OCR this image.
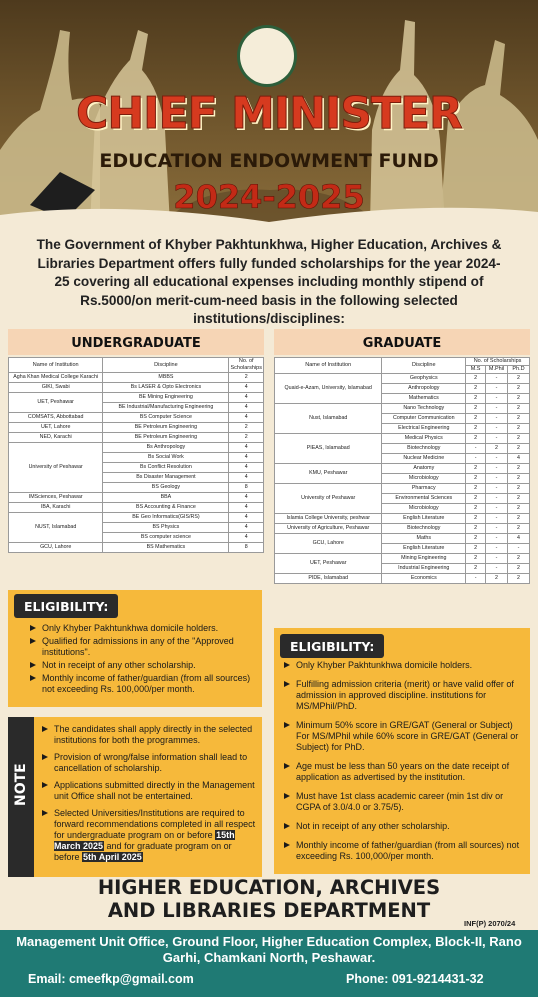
CHIEF MINISTER
EDUCATION ENDOWMENT FUND
2024-2025
The Government of Khyber Pakhtunkhwa, Higher Education, Archives & Libraries Department offers fully funded scholarships for the year 2024-25 covering all educational expenses including monthly stipend of Rs.5000/on merit-cum-need basis in the following selected institutions/disciplines:
UNDERGRADUATE
Name of Institution	Discipline	No. of Scholarships
Agha Khan Medical College Karachi	MBBS	2
GIKI, Swabi	Bs LASER & Opto Electronics	4
UET, Peshawar	BE Mining Engineering	4
	BE Industrial/Manufacturing Engineering	4
COMSATS, Abbottabad	BS Computer Science	4
UET, Lahore	BE Petroleum Engineering	2
NED, Karachi	BE Petroleum Engineering	2
University of Peshawar	Bs Anthropology	4
	Bs Social Work	4
	Bs Conflict Resolution	4
	Bs Disaster Management	4
	BS Geology	8
IMSciences, Peshawar	BBA	4
IBA, Karachi	BS Accounting & Finance	4
NUST, Islamabad	BE Geo Informatics(GIS/RS)	4
	BS Physics	4
	BS computer science	4
GCU, Lahore	BS Mathematics	8
GRADUATE
Name of Institution	Discipline	No. of Scholarships		
		M.S	M.Phil	Ph.D
Quaid-e-Azam, University, Islamabad	Geophysics	2	-	2
	Anthropology	2	-	2
	Mathematics	2	-	2
Nust, Islamabad	Nano Technology	2	-	2
	Computer Communication	2	-	2
	Electrical Engineering	2	-	2
PIEAS, Islamabad	Medical Physics	2	-	2
	Biotechnology	-	2	2
	Nuclear Medicine	-	-	4
KMU, Peshawar	Anatomy	2	-	2
	Microbiology	2	-	2
University of Peshawar	Pharmacy	2	-	2
	Environmental Sciences	2	-	2
	Microbiology	2	-	2
Islamia College University, peshwar	English Literature	2	-	2
University of Agriculture, Peshawar	Biotechnology	2	-	2
GCU, Lahore	Maths	2	-	4
	English Literature	2	-	-
UET, Peshawar	Mining Engineering	2	-	2
	Industrial Engineering	2	-	2
PIDE, Islamabad	Economics	-	2	2
ELIGIBILITY:
Only Khyber Pakhtunkhwa domicile holders.
Qualified for admissions in any of the "Approved institutions".
Not in receipt of any other scholarship.
Monthly income of father/guardian (from all sources) not exceeding Rs. 100,000/per month.
ELIGIBILITY:
Only Khyber Pakhtunkhwa domicile holders.
Fulfilling admission criteria (merit) or have valid offer of admission in approved discipline. institutions for MS/MPhil/PhD.
Minimum 50% score in GRE/GAT (General or Subject) For MS/MPhil while 60% score in GRE/GAT (General or Subject) for PhD.
Age must be less than 50 years on the date receipt of application as advertised by the institution.
Must have 1st class academic career (min 1st div or CGPA of 3.0/4.0 or 3.75/5).
Not in receipt of any other scholarship.
Monthly income of father/guardian (from all sources) not exceeding Rs. 100,000/per month.
NOTE
The candidates shall apply directly in the selected institutions for both the programmes.
Provision of wrong/false information shall lead to cancellation of scholarship.
Applications submitted directly in the Management unit Office shall not be entertained.
Selected Universities/Institutions are required to forward recommendations completed in all respect for undergraduate program on or before 15th March 2025 and for graduate program on or before 5th April 2025
HIGHER EDUCATION, ARCHIVES
AND LIBRARIES DEPARTMENT
INF(P) 2070/24
Management Unit Office, Ground Floor, Higher Education Complex, Block-II, Rano Garhi, Chamkani North, Peshawar.
Email: cmeefkp@gmail.com	Phone: 091-9214431-32
